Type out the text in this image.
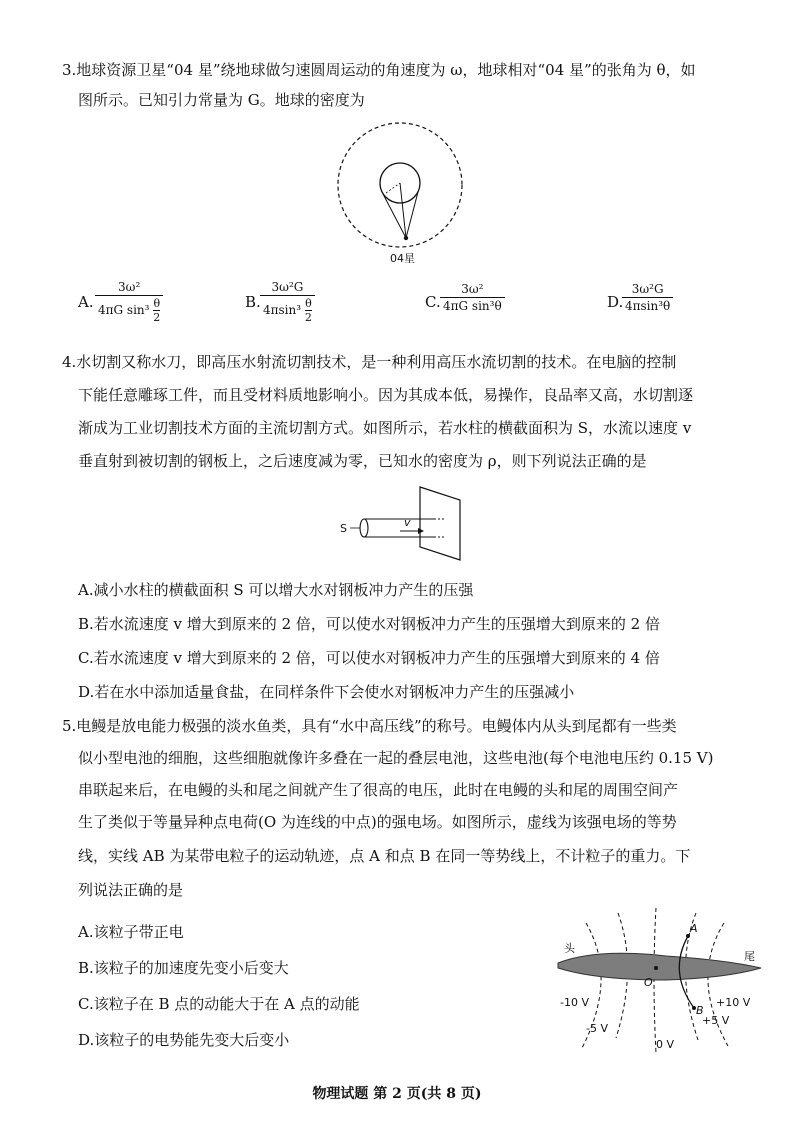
3.地球资源卫星“04 星”绕地球做匀速圆周运动的角速度为 ω，地球相对“04 星”的张角为 θ，如
图所示。已知引力常量为 G。地球的密度为
04星
A.
3ω²
4πG $\sin^3 \frac{\theta}{2}$	B.
3ω²G
$4\pi\sin^3 \frac{\theta}{2}$	C.
3ω²
4πG sin³θ	D.
3ω²G
4πsin³θ
4.水切割又称水刀，即高压水射流切割技术，是一种利用高压水流切割的技术。在电脑的控制
下能任意雕琢工件，而且受材料质地影响小。因为其成本低，易操作，良品率又高，水切割逐
渐成为工业切割技术方面的主流切割方式。如图所示，若水柱的横截面积为 S，水流以速度 v
垂直射到被切割的钢板上，之后速度减为零，已知水的密度为 ρ，则下列说法正确的是
S	v
A.减小水柱的横截面积 S 可以增大水对钢板冲力产生的压强
B.若水流速度 v 增大到原来的 2 倍，可以使水对钢板冲力产生的压强增大到原来的 2 倍
C.若水流速度 v 增大到原来的 2 倍，可以使水对钢板冲力产生的压强增大到原来的 4 倍
D.若在水中添加适量食盐，在同样条件下会使水对钢板冲力产生的压强减小
5.电鳗是放电能力极强的淡水鱼类，具有“水中高压线”的称号。电鳗体内从头到尾都有一些类
似小型电池的细胞，这些细胞就像许多叠在一起的叠层电池，这些电池(每个电池电压约 0.15 V)
串联起来后，在电鳗的头和尾之间就产生了很高的电压，此时在电鳗的头和尾的周围空间产
生了类似于等量异种点电荷(O 为连线的中点)的强电场。如图所示，虚线为该强电场的等势
线，实线 AB 为某带电粒子的运动轨迹，点 A 和点 B 在同一等势线上，不计粒子的重力。下
列说法正确的是
A.该粒子带正电
B.该粒子的加速度先变小后变大
C.该粒子在 B 点的动能大于在 A 点的动能
D.该粒子的电势能先变大后变小
头
尾
A
B
O
-10 V
-5 V
0 V
+10 V
+5 V
物理试题 第 2 页(共 8 页)
